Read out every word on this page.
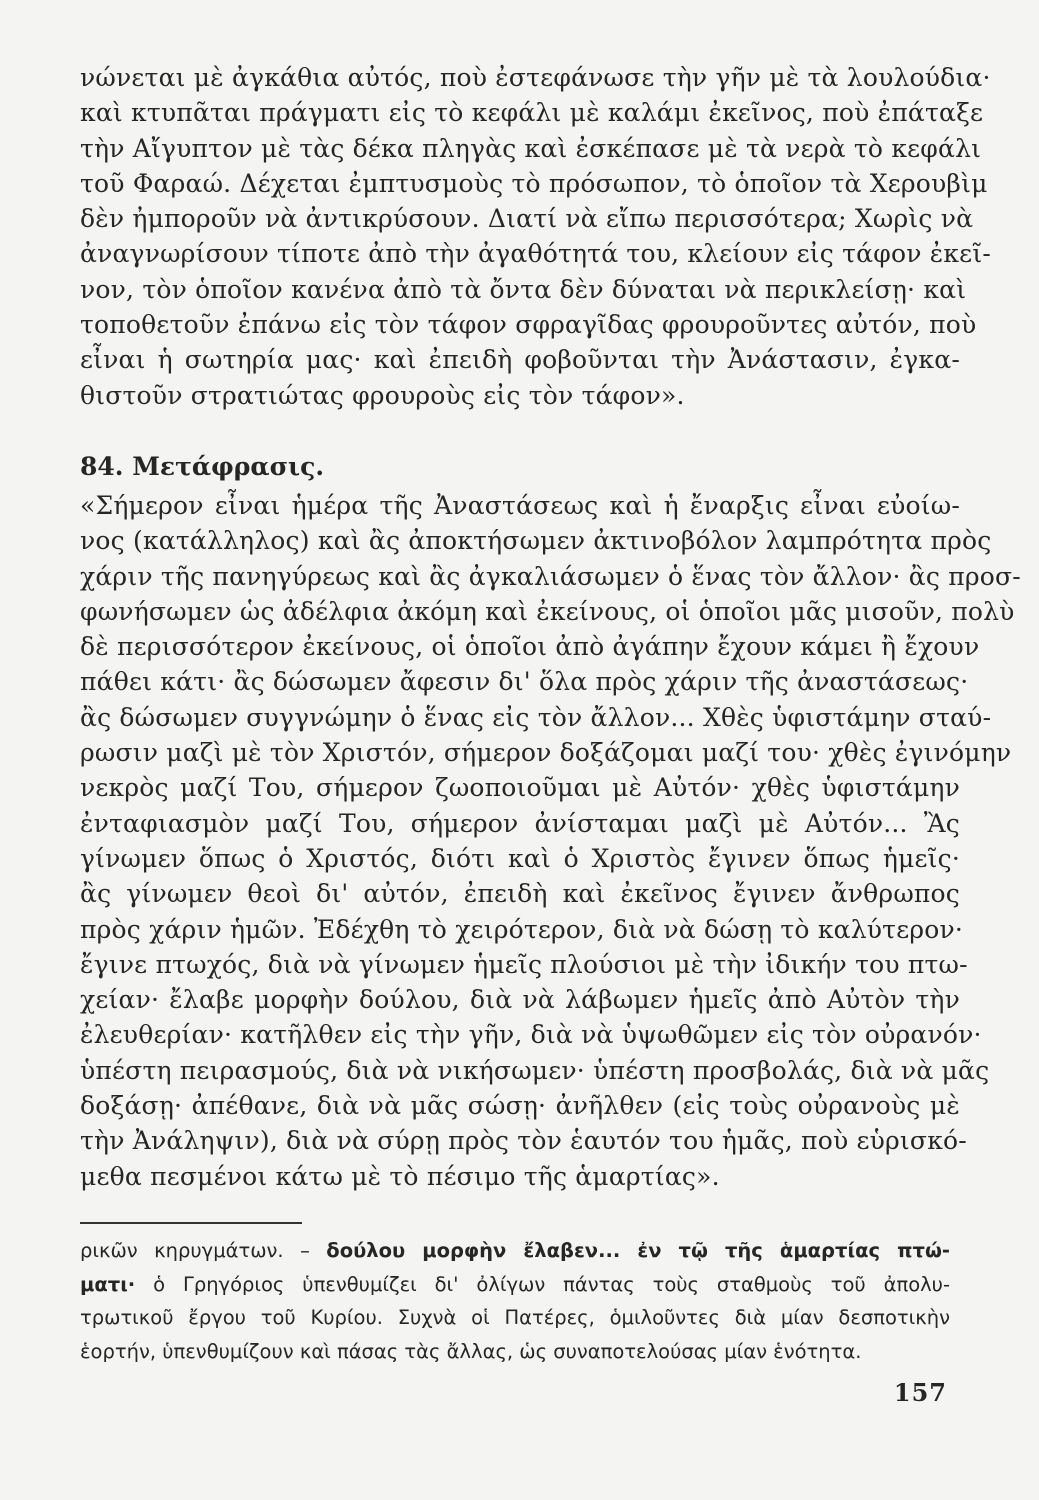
νώνεται μὲ ἀγκάθια αὐτός, ποὺ ἐστεφάνωσε τὴν γῆν μὲ τὰ λουλούδια·
καὶ κτυπᾶται πράγματι εἰς τὸ κεφάλι μὲ καλάμι ἐκεῖνος, ποὺ ἐπάταξε
τὴν Αἴγυπτον μὲ τὰς δέκα πληγὰς καὶ ἐσκέπασε μὲ τὰ νερὰ τὸ κεφάλι
τοῦ Φαραώ. Δέχεται ἐμπτυσμοὺς τὸ πρόσωπον, τὸ ὁποῖον τὰ Χερουβὶμ
δὲν ἠμποροῦν νὰ ἀντικρύσουν. Διατί νὰ εἴπω περισσότερα; Χωρὶς νὰ
ἀναγνωρίσουν τίποτε ἀπὸ τὴν ἀγαθότητά του, κλείουν εἰς τάφον ἐκεῖ-
νον, τὸν ὁποῖον κανένα ἀπὸ τὰ ὄντα δὲν δύναται νὰ περικλείσῃ· καὶ
τοποθετοῦν ἐπάνω εἰς τὸν τάφον σφραγῖδας φρουροῦντες αὐτόν, ποὺ
εἶναι ἡ σωτηρία μας· καὶ ἐπειδὴ φοβοῦνται τὴν Ἀνάστασιν, ἐγκα-
θιστοῦν στρατιώτας φρουροὺς εἰς τὸν τάφον».
84. Μετάφρασις.
«Σήμερον εἶναι ἡμέρα τῆς Ἀναστάσεως καὶ ἡ ἔναρξις εἶναι εὐοίω-
νος (κατάλληλος) καὶ ἂς ἀποκτήσωμεν ἀκτινοβόλον λαμπρότητα πρὸς
χάριν τῆς πανηγύρεως καὶ ἂς ἀγκαλιάσωμεν ὁ ἕνας τὸν ἄλλον· ἂς προσ-
φωνήσωμεν ὡς ἀδέλφια ἀκόμη καὶ ἐκείνους, οἱ ὁποῖοι μᾶς μισοῦν, πολὺ
δὲ περισσότερον ἐκείνους, οἱ ὁποῖοι ἀπὸ ἀγάπην ἔχουν κάμει ἢ ἔχουν
πάθει κάτι· ἂς δώσωμεν ἄφεσιν δι' ὅλα πρὸς χάριν τῆς ἀναστάσεως·
ἂς δώσωμεν συγγνώμην ὁ ἕνας εἰς τὸν ἄλλον... Χθὲς ὑφιστάμην σταύ-
ρωσιν μαζὶ μὲ τὸν Χριστόν, σήμερον δοξάζομαι μαζί του· χθὲς ἐγινόμην
νεκρὸς μαζί Του, σήμερον ζωοποιοῦμαι μὲ Αὐτόν· χθὲς ὑφιστάμην
ἐνταφιασμὸν μαζί Του, σήμερον ἀνίσταμαι μαζὶ μὲ Αὐτόν... Ἂς
γίνωμεν ὅπως ὁ Χριστός, διότι καὶ ὁ Χριστὸς ἔγινεν ὅπως ἡμεῖς·
ἂς γίνωμεν θεοὶ δι' αὐτόν, ἐπειδὴ καὶ ἐκεῖνος ἔγινεν ἄνθρωπος
πρὸς χάριν ἡμῶν. Ἐδέχθη τὸ χειρότερον, διὰ νὰ δώσῃ τὸ καλύτερον·
ἔγινε πτωχός, διὰ νὰ γίνωμεν ἡμεῖς πλούσιοι μὲ τὴν ἰδικήν του πτω-
χείαν· ἔλαβε μορφὴν δούλου, διὰ νὰ λάβωμεν ἡμεῖς ἀπὸ Αὐτὸν τὴν
ἐλευθερίαν· κατῆλθεν εἰς τὴν γῆν, διὰ νὰ ὑψωθῶμεν εἰς τὸν οὐρανόν·
ὑπέστη πειρασμούς, διὰ νὰ νικήσωμεν· ὑπέστη προσβολάς, διὰ νὰ μᾶς
δοξάσῃ· ἀπέθανε, διὰ νὰ μᾶς σώσῃ· ἀνῆλθεν (εἰς τοὺς οὐρανοὺς μὲ
τὴν Ἀνάληψιν), διὰ νὰ σύρῃ πρὸς τὸν ἑαυτόν του ἡμᾶς, ποὺ εὑρισκό-
μεθα πεσμένοι κάτω μὲ τὸ πέσιμο τῆς ἁμαρτίας».
ρικῶν κηρυγμάτων. – δούλου μορφὴν ἔλαβεν... ἐν τῷ τῆς ἁμαρτίας πτώ-
ματι· ὁ Γρηγόριος ὑπενθυμίζει δι' ὀλίγων πάντας τοὺς σταθμοὺς τοῦ ἀπολυ-
τρωτικοῦ ἔργου τοῦ Κυρίου. Συχνὰ οἱ Πατέρες, ὁμιλοῦντες διὰ μίαν δεσποτικὴν
ἑορτήν, ὑπενθυμίζουν καὶ πάσας τὰς ἄλλας, ὡς συναποτελούσας μίαν ἑνότητα.
157
